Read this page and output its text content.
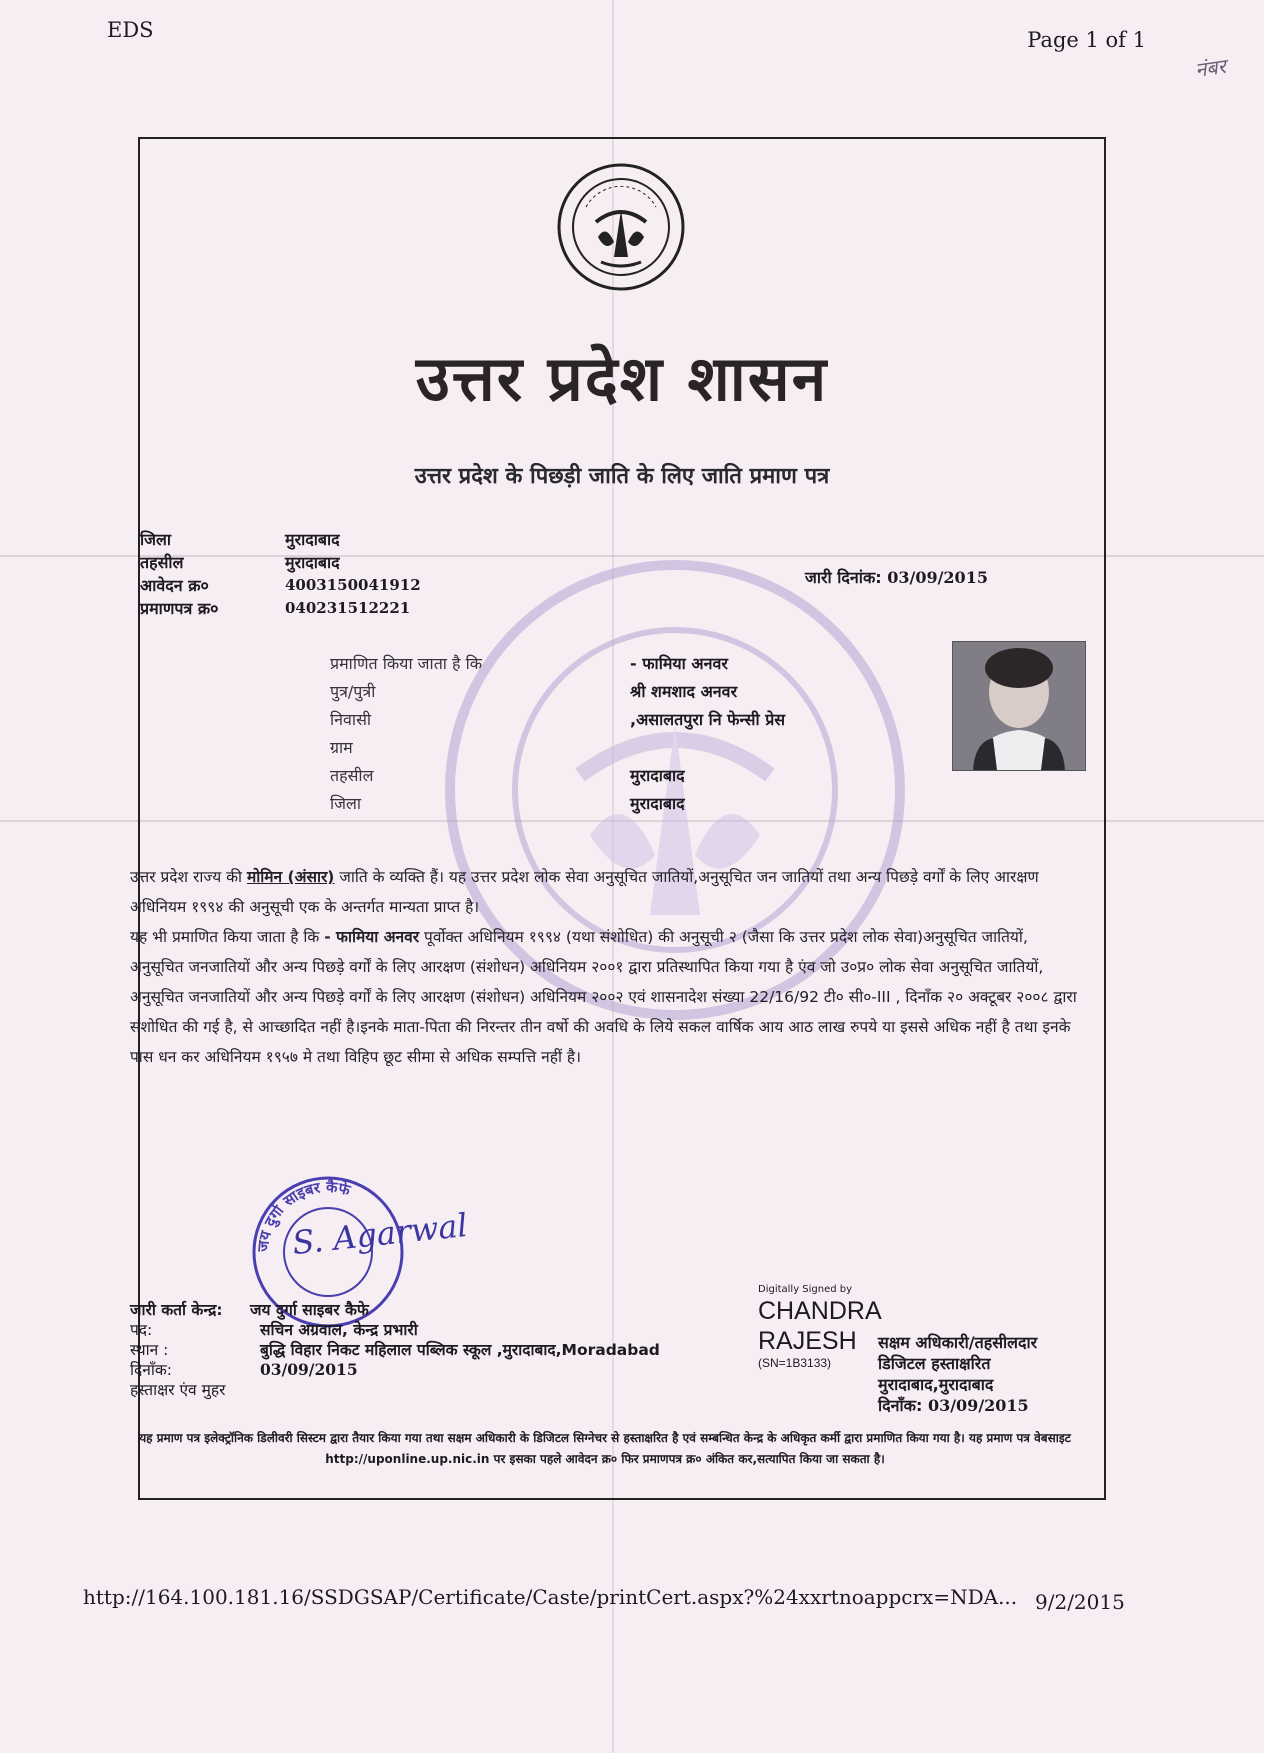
EDS	Page 1 of 1
नंबर
उत्तर प्रदेश शासन
उत्तर प्रदेश के पिछड़ी जाति के लिए जाति प्रमाण पत्र
जिला	मुरादाबाद
तहसील	मुरादाबाद
आवेदन क्र०	4003150041912
प्रमाणपत्र क्र०	040231512221
जारी दिनांक: 03/09/2015
प्रमाणित किया जाता है कि	- फामिया अनवर
पुत्र/पुत्री	श्री शमशाद अनवर
निवासी	,असालतपुरा नि फेन्सी प्रेस
ग्राम
तहसील	मुरादाबाद
जिला	मुरादाबाद
उत्तर प्रदेश राज्य की मोमिन (अंसार) जाति के व्यक्ति हैं। यह उत्तर प्रदेश लोक सेवा अनुसूचित जातियों,अनुसूचित जन जातियों तथा अन्य पिछड़े वर्गों के लिए आरक्षण अधिनियम १९९४ की अनुसूची एक के अन्तर्गत मान्यता प्राप्त है।
यह भी प्रमाणित किया जाता है कि - फामिया अनवर पूर्वोक्त अधिनियम १९९४ (यथा संशोधित) की अनुसूची २ (जैसा कि उत्तर प्रदेश लोक सेवा)अनुसूचित जातियों, अनुसूचित जनजातियों और अन्य पिछड़े वर्गों के लिए आरक्षण (संशोधन) अधिनियम २००१ द्वारा प्रतिस्थापित किया गया है एंव जो उ०प्र० लोक सेवा अनुसूचित जातियों, अनुसूचित जनजातियों और अन्य पिछड़े वर्गों के लिए आरक्षण (संशोधन) अधिनियम २००२ एवं शासनादेश संख्या 22/16/92 टी० सी०-III , दिनाँक २० अक्टूबर २००८ द्वारा संशोधित की गई है, से आच्छादित नहीं है।इनके माता-पिता की निरन्तर तीन वर्षो की अवधि के लिये सकल वार्षिक आय आठ लाख रुपये या इससे अधिक नहीं है तथा इनके पास धन कर अधिनियम १९५७ मे तथा विहिप छूट सीमा से अधिक सम्पत्ति नहीं है।
जय दुर्गा साइबर कैफे
S. Agarwal
जारी कर्ता केन्द्र:	जय दुर्गा साइबर कैफे
पद:	सचिन अग्रवाल, केन्द्र प्रभारी
स्थान :	बुद्धि विहार निकट महिलाल पब्लिक स्कूल ,मुरादाबाद,Moradabad
दिनाँक:	03/09/2015
हस्ताक्षर एंव मुहर
Digitally Signed by
CHANDRA
RAJESH
(SN=1B3133)
सक्षम अधिकारी/तहसीलदार
डिजिटल हस्ताक्षरित
मुरादाबाद,मुरादाबाद
दिनाँक: 03/09/2015
यह प्रमाण पत्र इलेक्ट्रॉनिक डिलीवरी सिस्टम द्वारा तैयार किया गया तथा सक्षम अधिकारी के डिजिटल सिग्नेचर से हस्ताक्षरित है एवं सम्बन्धित केन्द्र के अधिकृत कर्मी द्वारा प्रमाणित किया गया है। यह प्रमाण पत्र वेबसाइट http://uponline.up.nic.in पर इसका पहले आवेदन क्र० फिर प्रमाणपत्र क्र० अंकित कर,सत्यापित किया जा सकता है।
http://164.100.181.16/SSDGSAP/Certificate/Caste/printCert.aspx?%24xxrtnoappcrx=NDA... 9/2/2015
